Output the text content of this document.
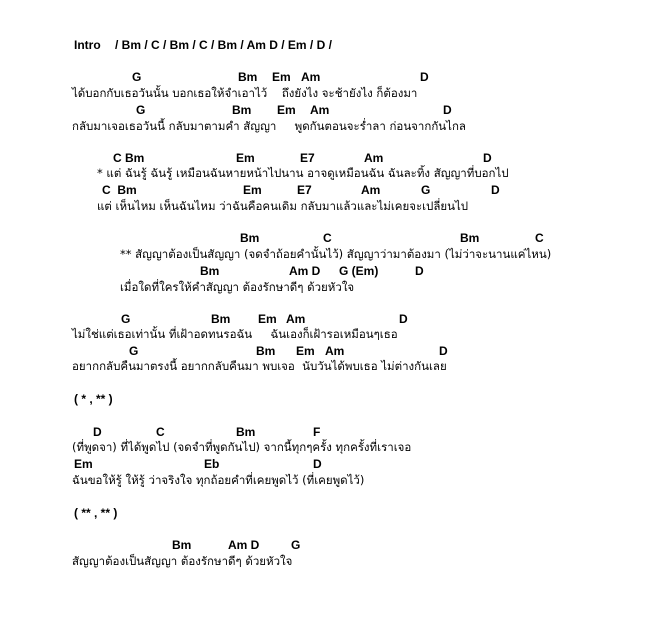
Intro / Bm / C / Bm / C / Bm / Am D / Em / D /
G	Bm Em Am	D
ได้บอกกับเธอวันนั้น บอกเธอให้จำเอาไว้    ถึงยังไง จะช้ายังไง ก็ต้องมา
G	Bm Em Am	D
กลับมาเจอเธอวันนี้ กลับมาตามคำ สัญญา     พูดกันตอนจะร่ำลา ก่อนจากกันไกล
C Bm	Em	E7	Am	D
* แต่ ฉันรู้ ฉันรู้ เหมือนฉันหายหน้าไปนาน อาจดูเหมือนฉัน ฉันละทิ้ง สัญญาที่บอกไป
C  Bm	Em	E7	Am	G	D
แต่ เห็นไหม เห็นฉันไหม ว่าฉันคือคนเดิม กลับมาแล้วและไม่เคยจะเปลี่ยนไป
Bm	C	Bm	C
** สัญญาต้องเป็นสัญญา (จดจำถ้อยคำนั้นไว้) สัญญาว่ามาต้องมา (ไม่ว่าจะนานแค่ไหน)
Bm	Am D G (Em)	D
เมื่อใดที่ใครให้คำสัญญา ต้องรักษาดีๆ ด้วยหัวใจ
G	Bm Em Am	D
ไม่ใช่แต่เธอเท่านั้น ที่เฝ้าอดทนรอฉัน     ฉันเองก็เฝ้ารอเหมือนๆเธอ
G	Bm Em Am	D
อยากกลับคืนมาตรงนี้ อยากกลับคืนมา พบเจอ  นับวันได้พบเธอ ไม่ต่างกันเลย
( * , ** )
D	C	Bm	F
(ที่พูดจา) ที่ได้พูดไป (จดจำที่พูดกันไป) จากนี้ทุกๆครั้ง ทุกครั้งที่เราเจอ
Em	Eb	D
ฉันขอให้รู้ ให้รู้ ว่าจริงใจ ทุกถ้อยคำที่เคยพูดไว้ (ที่เคยพูดไว้)
( ** , ** )
Bm	Am D	G
สัญญาต้องเป็นสัญญา ต้องรักษาดีๆ ด้วยหัวใจ
